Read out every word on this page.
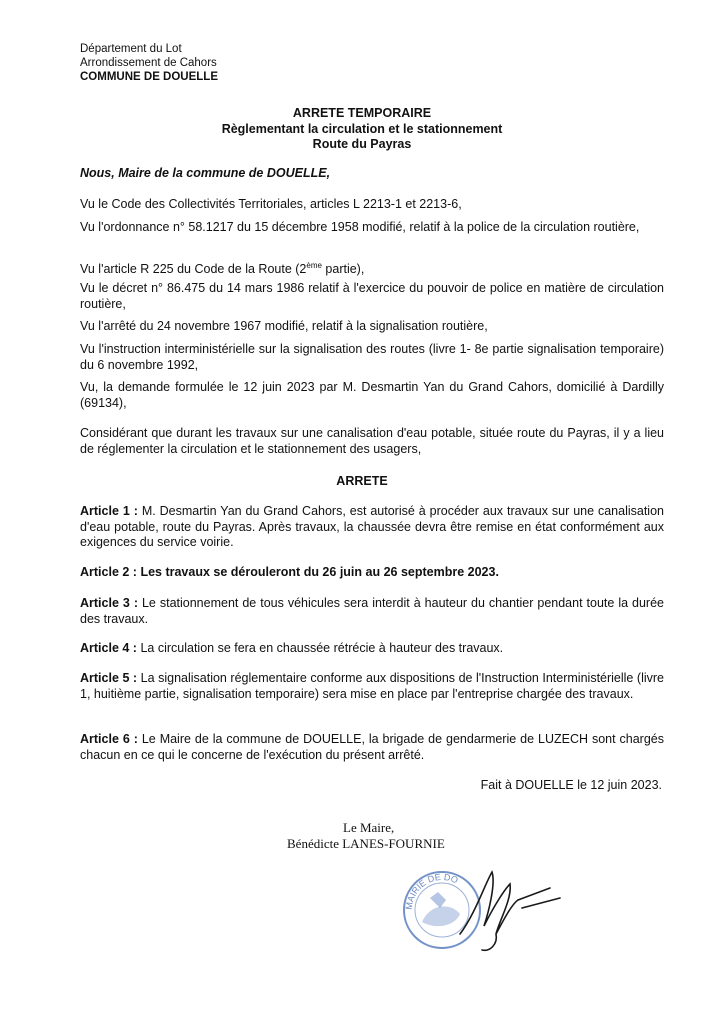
Département du Lot
Arrondissement de Cahors
COMMUNE DE DOUELLE
ARRETE TEMPORAIRE
Règlementant la circulation et le stationnement
Route du Payras
Nous, Maire de la commune de DOUELLE,
Vu le Code des Collectivités Territoriales, articles L 2213-1 et 2213-6,
Vu l'ordonnance n° 58.1217 du 15 décembre 1958 modifié, relatif à la police de la circulation routière,
Vu l'article R 225 du Code de la Route (2ème partie),
Vu le décret n° 86.475 du 14 mars 1986 relatif à l'exercice du pouvoir de police en matière de circulation routière,
Vu l'arrêté du 24 novembre 1967 modifié, relatif à la signalisation routière,
Vu l'instruction interministérielle sur la signalisation des routes (livre 1- 8e partie signalisation temporaire) du 6 novembre 1992,
Vu, la demande formulée le 12 juin 2023 par M. Desmartin Yan du Grand Cahors, domicilié à Dardilly (69134),
Considérant que durant les travaux sur une canalisation d'eau potable, située route du Payras, il y a lieu de réglementer la circulation et le stationnement des usagers,
ARRETE
Article 1 : M. Desmartin Yan du Grand Cahors, est autorisé à procéder aux travaux sur une canalisation d'eau potable, route du Payras. Après travaux, la chaussée devra être remise en état conformément aux exigences du service voirie.
Article 2 : Les travaux se dérouleront du 26 juin au 26 septembre 2023.
Article 3 : Le stationnement de tous véhicules sera interdit à hauteur du chantier pendant toute la durée des travaux.
Article 4 : La circulation se fera en chaussée rétrécie à hauteur des travaux.
Article 5 : La signalisation réglementaire conforme aux dispositions de l'Instruction Interministérielle (livre 1, huitième partie, signalisation temporaire) sera mise en place par l'entreprise chargée des travaux.
Article 6 : Le Maire de la commune de DOUELLE, la brigade de gendarmerie de LUZECH sont chargés chacun en ce qui le concerne de l'exécution du présent arrêté.
Fait à DOUELLE le 12 juin 2023.
Le Maire,
Bénédicte LANES-FOURNIE
MAIRIE DE DO
